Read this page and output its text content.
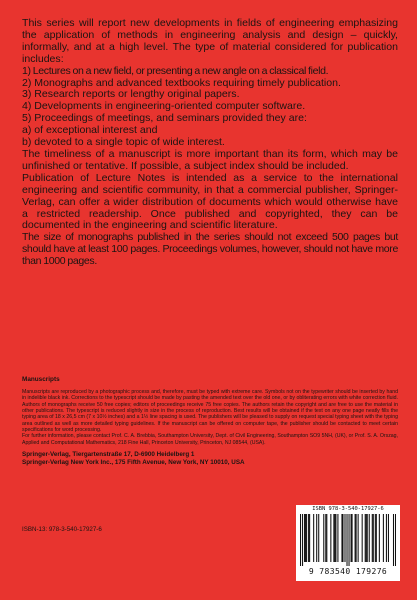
This series will report new developments in fields of engineering emphasizing the application of methods in engineering analysis and design – quickly, informally, and at a high level. The type of material considered for publication includes:

1) Lectures on a new field, or presenting a new angle on a classical field.
2) Monographs and advanced textbooks requiring timely publication.
3) Research reports or lengthy original papers.
4) Developments in engineering-oriented computer software.
5) Proceedings of meetings, and seminars provided they are:
a) of exceptional interest and
b) devoted to a single topic of wide interest.

The timeliness of a manuscript is more important than its form, which may be unfinished or tentative. If possible, a subject index should be included.

Publication of Lecture Notes is intended as a service to the international engineering and scientific community, in that a commercial publisher, Springer-Verlag, can offer a wider distribution of documents which would otherwise have a restricted readership. Once published and copyrighted, they can be documented in the engineering and scientific literature.

The size of monographs published in the series should not exceed 500 pages but should have at least 100 pages. Proceedings volumes, however, should not have more than 1000 pages.

Manuscripts

Manuscripts are reproduced by a photographic process and, therefore, must be typed with extreme care. Symbols not on the typewriter should be inserted by hand in indelible black ink. Corrections to the typescript should be made by pasting the amended text over the old one, or by obliterating errors with white correction fluid. Authors of monographs receive 50 free copies; editors of proceedings receive 75 free copies. The authors retain the copyright and are free to use the material in other publications. The typescript is reduced slightly in size in the process of reproduction. Best results will be obtained if the text on any one page neatly fills the typing area of 18 x 26,5 cm (7 x 10½ inches) and a 1½ line spacing is used. The publishers will be pleased to supply on request special typing sheet with the typing area outlined as well as more detailed typing guidelines. If the manuscript can be offered on computer tape, the publisher should be contacted to meet certain specifications for word processing.

For further information, please contact Prof. C. A. Brebbia, Southampton University, Dept. of Civil Engineering, Southampton SO9 5NH, (UK), or Prof. S. A. Orszag, Applied and Computational Mathematics, 218 Fine Hall, Princeton University, Princeton, NJ 08544, (USA).

Springer-Verlag, Tiergartenstraße 17, D-6900 Heidelberg 1
Springer-Verlag New York Inc., 175 Fifth Avenue, New York, NY 10010, USA
ISBN-13: 978-3-540-17927-6
ISBN 978-3-540-17927-6
9 783540 179276
